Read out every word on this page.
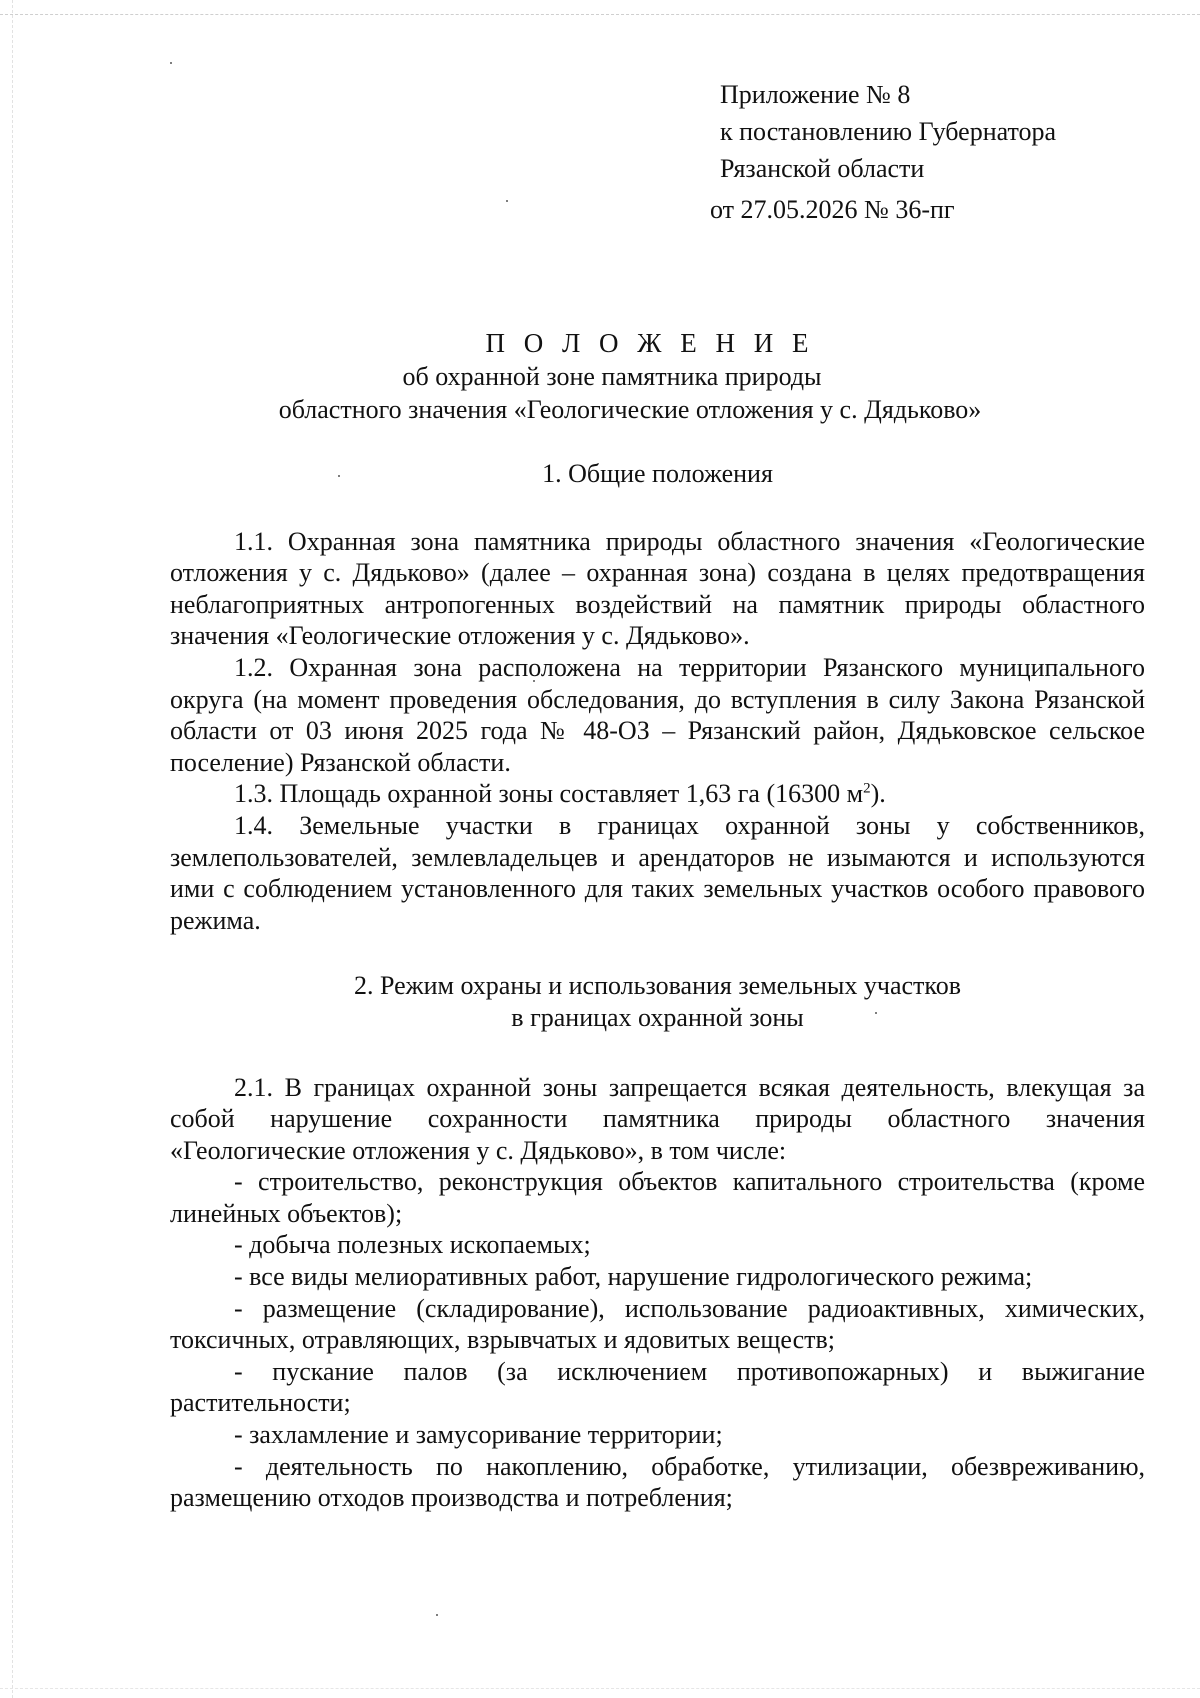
Приложение № 8
к постановлению Губернатора
Рязанской области
от 27.05.2026 № 36-пг
П О Л О Ж Е Н И Е
об охранной зоне памятника природы
областного значения «Геологические отложения у с. Дядьково»

1. Общие положения

1.1. Охранная зона памятника природы областного значения «Геологические отложения у с. Дядьково» (далее – охранная зона) создана в целях предотвращения неблагоприятных антропогенных воздействий на памятник природы областного значения «Геологические отложения у с. Дядьково».

1.2. Охранная зона расположена на территории Рязанского муниципального округа (на момент проведения обследования, до вступления в силу Закона Рязанской области от 03 июня 2025 года № 48-ОЗ – Рязанский район, Дядьковское сельское поселение) Рязанской области.

1.3. Площадь охранной зоны составляет 1,63 га (16300 $м^2$).

1.4. Земельные участки в границах охранной зоны у собственников, землепользователей, землевладельцев и арендаторов не изымаются и используются ими с соблюдением установленного для таких земельных участков особого правового режима.

2. Режим охраны и использования земельных участков
в границах охранной зоны

2.1. В границах охранной зоны запрещается всякая деятельность, влекущая за собой нарушение сохранности памятника природы областного значения «Геологические отложения у с. Дядьково», в том числе:

- строительство, реконструкция объектов капитального строительства (кроме линейных объектов);

- добыча полезных ископаемых;

- все виды мелиоративных работ, нарушение гидрологического режима;

- размещение (складирование), использование радиоактивных, химических, токсичных, отравляющих, взрывчатых и ядовитых веществ;

- пускание палов (за исключением противопожарных) и выжигание растительности;

- захламление и замусоривание территории;

- деятельность по накоплению, обработке, утилизации, обезвреживанию, размещению отходов производства и потребления;
